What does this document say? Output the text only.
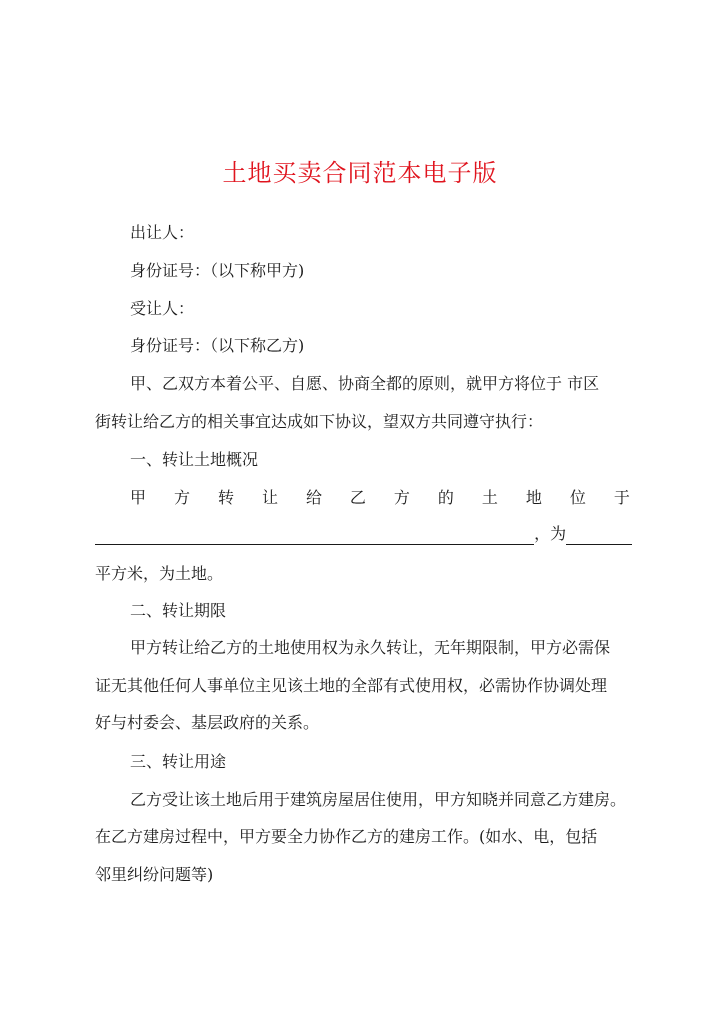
土地买卖合同范本电子版
出让人：
身份证号：（以下称甲方)
受让人：
身份证号：（以下称乙方)
甲、乙双方本着公平、自愿、协商全都的原则，就甲方将位于 市区
街转让给乙方的相关事宜达成如下协议，望双方共同遵守执行：
一、转让土地概况
甲 方 转 让 给 乙 方 的 土 地 位 于
，为
平方米，为土地。
二、转让期限
甲方转让给乙方的土地使用权为永久转让，无年期限制，甲方必需保
证无其他任何人事单位主见该土地的全部有式使用权，必需协作协调处理
好与村委会、基层政府的关系。
三、转让用途
乙方受让该土地后用于建筑房屋居住使用，甲方知晓并同意乙方建房。
在乙方建房过程中，甲方要全力协作乙方的建房工作。(如水、电，包括
邻里纠纷问题等)
